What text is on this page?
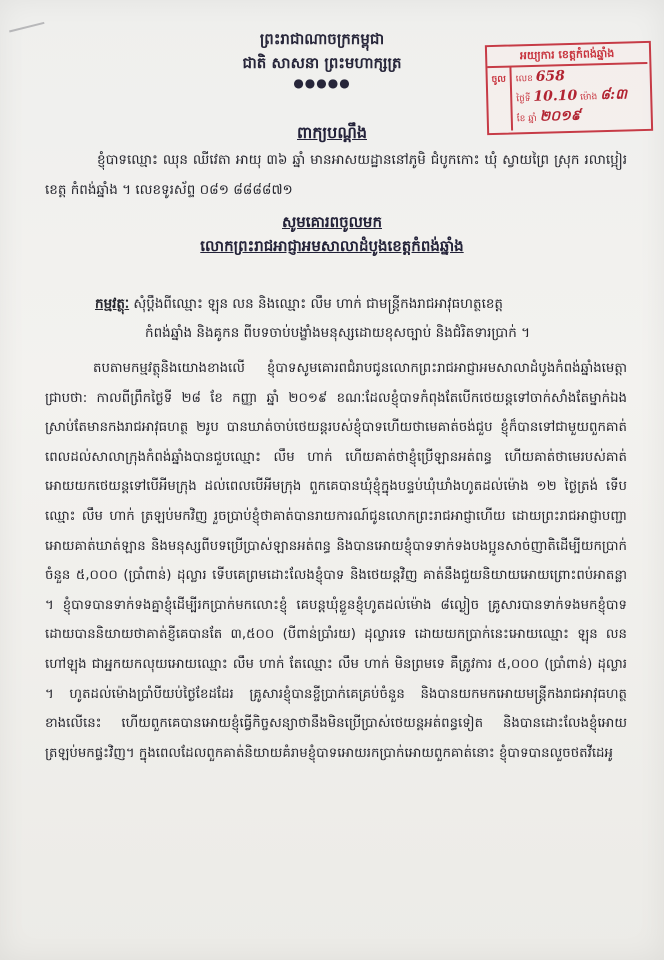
ព្រះរាជាណាចក្រកម្ពុជា
ជាតិ សាសនា ព្រះមហាក្សត្រ
●●●●●
អយ្យការ ខេត្តកំពង់ឆ្នាំង
ចូល	លេខ 658
ថ្ងៃទី 10.10 ម៉ោង ៨:៣
ខែ ឆ្នាំ ២០១៩
ពាក្យបណ្តឹង
ខ្ញុំបាទឈ្មោះ ឈុន ឈីវេតា អាយុ ៣៦ ឆ្នាំ មានអាសយដ្ឋាននៅភូមិ ជំបូកកោះ ឃុំ ស្វាយព្រៃ ស្រុក រលាប្អៀរ ខេត្ត កំពង់ឆ្នាំង ។ លេខទូរស័ព្ទ ០៨១ ៨៨៨៨៧១
សូមគោរពចូលមក
លោកព្រះរាជអាជ្ញាអមសាលាដំបូងខេត្តកំពង់ឆ្នាំង
កម្មវត្ថុៈ សុំប្តឹងពីឈ្មោះ ឡុន លន និងឈ្មោះ លឹម ហាក់ ជាមន្ត្រីកងរាជអាវុធហត្ថខេត្ត
កំពង់ឆ្នាំង និងគូកន ពីបទចាប់បង្ខាំងមនុស្សដោយខុសច្បាប់ និងជំរិតទារប្រាក់ ។
តបតាមកម្មវត្ថុនិងយោងខាងលើ ខ្ញុំបាទសូមគោរពជំរាបជូនលោកព្រះរាជអាជ្ញាអមសាលាដំបូងកំពង់ឆ្នាំងមេត្តាជ្រាបថា: កាលពីព្រឹកថ្ងៃទី ២៨ ខែ កញ្ញា ឆ្នាំ ២០១៩ ខណៈដែលខ្ញុំបាទកំពុងតែបើកថេយន្តទៅចាក់សាំងតែម្នាក់ឯង ស្រាប់តែមានកងរាជអាវុធហត្ថ ២រូប បានឃាត់ចាប់ថេយន្តរបស់ខ្ញុំបាទហើយថាមេគាត់ចង់ជួប ខ្ញុំក៏បានទៅជាមួយពួកគាត់ ពេលដល់សាលាក្រុងកំពង់ឆ្នាំងបានជួបឈ្មោះ លឹម ហាក់ ហើយគាត់ថាខ្ញុំប្រើឡានអត់ពន្ធ ហើយគាត់ថាមេរបស់គាត់អោយយកថេយន្តទៅបើអីមក្រុង ដល់ពេលបើអីមក្រុង ពួកគេបានឃុំខ្ញុំក្នុងបន្ទប់ឃុំឃាំងហូតដល់ម៉ោង ១២ ថ្ងៃត្រង់ ទើបឈ្មោះ លឹម ហាក់ ត្រឡប់មកវិញ រួចប្រាប់ខ្ញុំថាគាត់បានរាយការណ៍ជូនលោកព្រះរាជអាជ្ញាហើយ ដោយព្រះរាជអាជ្ញាបញ្ជាអោយគាត់ឃាត់ឡាន និងមនុស្សពីបទប្រើប្រាស់ឡានអត់ពន្ធ និងបានអោយខ្ញុំបាទទាក់ទងបងប្អូនសាច់ញាតិដើម្បីយកប្រាក់ចំនួន ៥,០០០ (ប្រាំពាន់) ដុល្លារ ទើបគេព្រមដោះលែងខ្ញុំបាទ និងថេយន្តវិញ គាត់នឹងជួយនិយាយអោយព្រោះពប់អាតន្លា ។ ខ្ញុំបាទបានទាក់ទងគ្នាខ្ញុំដើម្បីរកប្រាក់មកលោះខ្ញុំ គេបន្តឃុំខ្លួនខ្ញុំហូតដល់ម៉ោង ៨ល្ងៀច គ្រូសារបានទាក់ទងមកខ្ញុំបាទដោយបាននិយាយថាគាត់ខ្ញីគេបានតែ ៣,៥០០ (បីពាន់ប្រាំរយ) ដុល្លារទេ ដោយយកប្រាក់នេះអោយឈ្មោះ ឡុន លន ហៅឡុង ជាអ្នកយកលុយអោយឈ្មោះ លឹម ហាក់ តែឈ្មោះ លឹម ហាក់ មិនព្រមទេ គឺត្រូវការ ៥,០០០ (ប្រាំពាន់) ដុល្លារ ។ ហូតដល់ម៉ោងប្រាំបីយប់ថ្ងៃខែដដែរ គ្រូសារខ្ញុំបានខ្ចីប្រាក់គេគ្រប់ចំនួន និងបានយកមកអោយមន្ត្រីកងរាជអាវុធហត្ថខាងលើនេះ ហើយពួកគេបានអោយខ្ញុំធ្វើកិច្ចសន្យាថានឹងមិនប្រើប្រាស់ថេយន្តអត់ពន្ធទៀត និងបានដោះលែងខ្ញុំអោយត្រឡប់មកផ្ទះវិញ។ ក្នុងពេលដែលពួកគាត់និយាយគំរាមខ្ញុំបាទអោយរកប្រាក់អោយពួកគាត់នោះ ខ្ញុំបាទបានលួចថតវីដេអូ
